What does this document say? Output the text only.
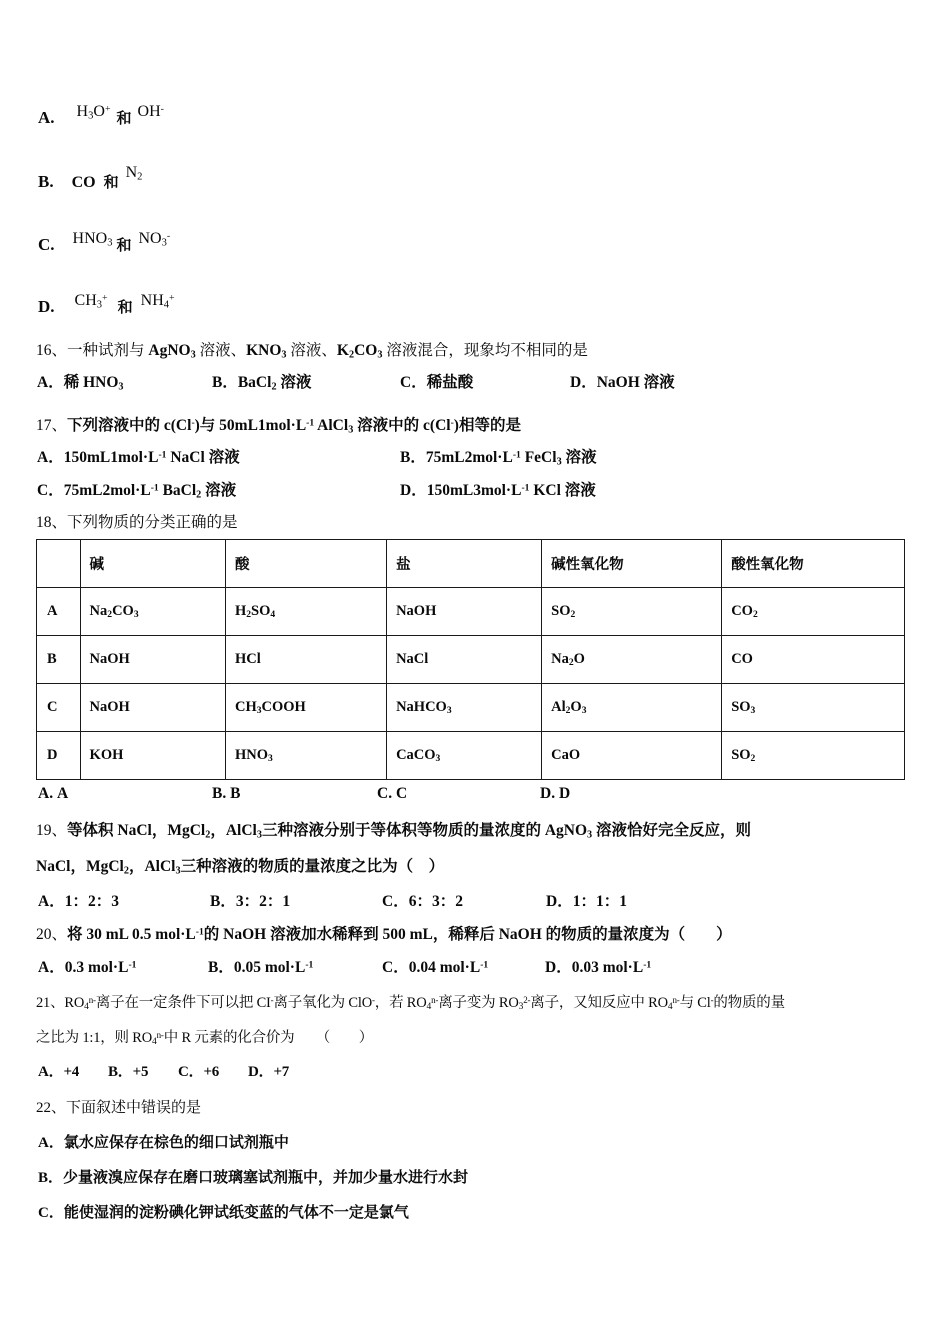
A. $H_3O^+$ 和 OH-
B. CO 和 $N_2$
C. $HNO_3$ 和 $NO_3^-$
D. $CH_3^+$ 和 $NH_4^+$
16、一种试剂与 AgNO$_3$ 溶液、$KNO_3$ 溶液、$K_2CO_3$ 溶液混合，现象均不相同的是
A．稀 $HNO_3$	B．BaCl$_2$ 溶液	C．稀盐酸	D．NaOH 溶液
17、下列溶液中的 c(Cl-)与 $50mL1mol\cdot L^{-1}$ AlCl$_3$ 溶液中的 c(Cl-)相等的是
A．$150mL1mol\cdot L^{-1}$ NaCl 溶液	B．$75mL2mol\cdot L^{-1}$ FeCl$_3$ 溶液
C．$75mL2mol\cdot L^{-1}$ BaCl$_2$ 溶液	D．$150mL3mol\cdot L^{-1}$ KCl 溶液
18、下列物质的分类正确的是
	碱	酸	盐	碱性氧化物	酸性氧化物
A	$Na_2CO_3$	$H_2SO_4$	NaOH	$SO_2$	$CO_2$
B	NaOH	HCl	NaCl	$Na_2O$	CO
C	NaOH	$CH_3COOH$	NaHCO$_3$	$Al_2O_3$	$SO_3$
D	KOH	$HNO_3$	CaCO$_3$	CaO	$SO_2$
A. A	B. B	C. C	D. D
19、等体积 NaCl，MgCl$_2$，AlCl$_3$三种溶液分别于等体积等物质的量浓度的 AgNO$_3$ 溶液恰好完全反应，则
NaCl，MgCl$_2$，AlCl$_3$三种溶液的物质的量浓度之比为（　）
A．1：2：3	B．3：2：1	C．6：3：2	D．1：1：1
20、将 30 mL 0.5 $mol\cdot L^{-1}$的 NaOH 溶液加水稀释到 500 mL，稀释后 NaOH 的物质的量浓度为（　　）
A．0.3 $mol\cdot L^{-1}$	B．0.05 $mol\cdot L^{-1}$	C．0.04 $mol\cdot L^{-1}$	D．0.03 $mol\cdot L^{-1}$
21、$RO_4^{n-}$离子在一定条件下可以把 CI-离子氧化为 ClO-，若 $RO_4^{n-}$离子变为 $RO_3^{2-}$离子，又知反应中 $RO_4^{n-}$与 Cl-的物质的量
之比为 1:1，则 $RO_4^{n-}$中 R 元素的化合价为　　（　　）
A．+4 B．+5 C．+6 D．+7
22、下面叙述中错误的是
A．氯水应保存在棕色的细口试剂瓶中
B．少量液溴应保存在磨口玻璃塞试剂瓶中，并加少量水进行水封
C．能使湿润的淀粉碘化钾试纸变蓝的气体不一定是氯气
